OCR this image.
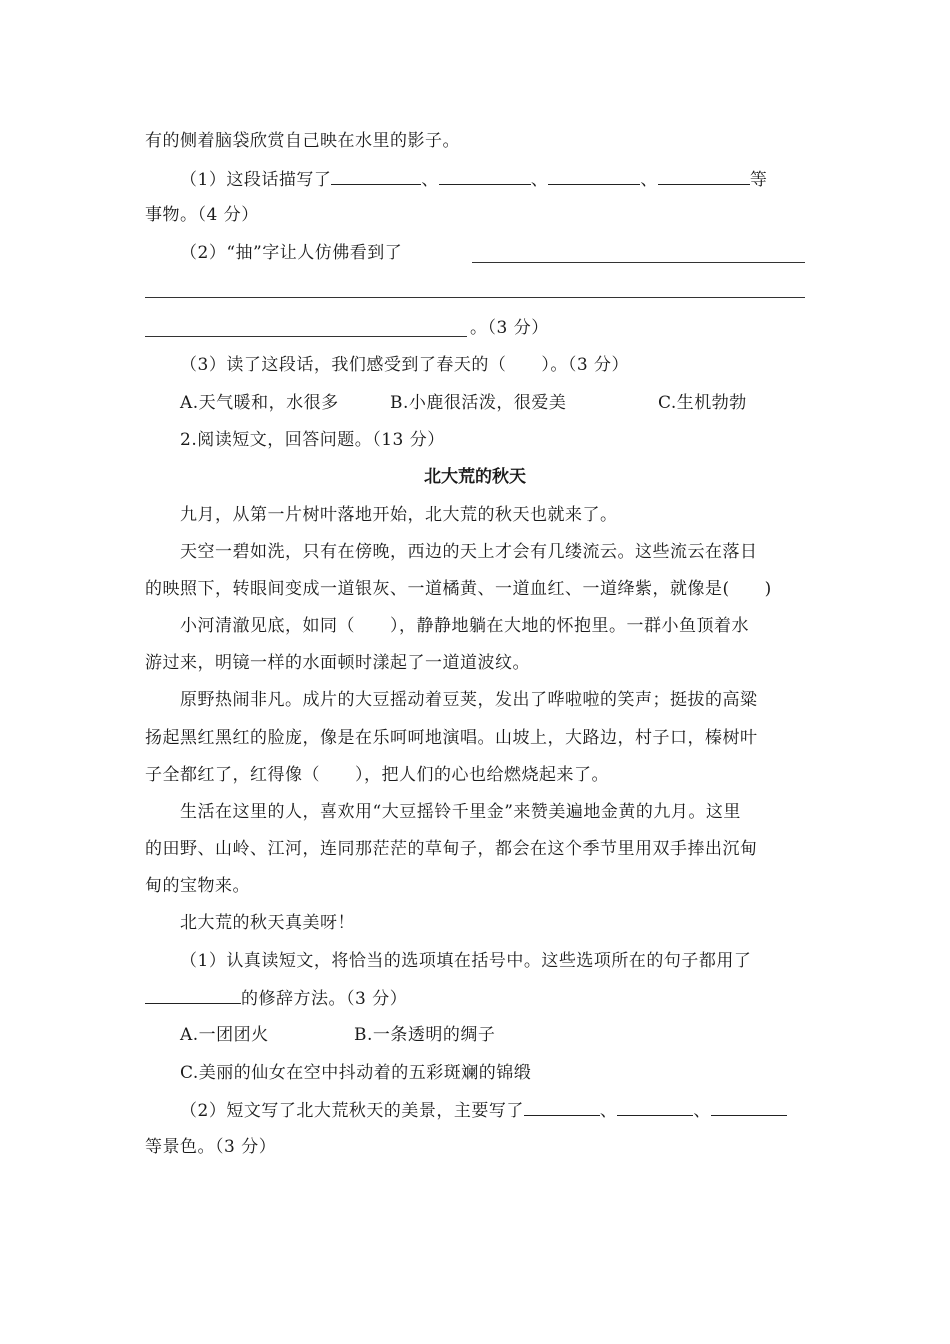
有的侧着脑袋欣赏自己映在水里的影子。
（1）这段话描写了	、	、	、	等
事物。（4 分）
（2）“抽”字让人仿佛看到了
。（3 分）
（3）读了这段话，我们感受到了春天的（　　）。（3 分）
A.天气暖和，水很多	B.小鹿很活泼，很爱美	C.生机勃勃
2.阅读短文，回答问题。（13 分）
北大荒的秋天
九月，从第一片树叶落地开始，北大荒的秋天也就来了。
天空一碧如洗，只有在傍晚，西边的天上才会有几缕流云。这些流云在落日
的映照下，转眼间变成一道银灰、一道橘黄、一道血红、一道绛紫，就像是(　　)
小河清澈见底，如同（　　），静静地躺在大地的怀抱里。一群小鱼顶着水
游过来，明镜一样的水面顿时漾起了一道道波纹。
原野热闹非凡。成片的大豆摇动着豆荚，发出了哗啦啦的笑声；挺拔的高粱
扬起黑红黑红的脸庞，像是在乐呵呵地演唱。山坡上，大路边，村子口，榛树叶
子全都红了，红得像（　　），把人们的心也给燃烧起来了。
生活在这里的人，喜欢用“大豆摇铃千里金”来赞美遍地金黄的九月。这里
的田野、山岭、江河，连同那茫茫的草甸子，都会在这个季节里用双手捧出沉甸
甸的宝物来。
北大荒的秋天真美呀！
（1）认真读短文，将恰当的选项填在括号中。这些选项所在的句子都用了
的修辞方法。（3 分）
A.一团团火	B.一条透明的绸子
C.美丽的仙女在空中抖动着的五彩斑斓的锦缎
（2）短文写了北大荒秋天的美景，主要写了	、	、
等景色。（3 分）
